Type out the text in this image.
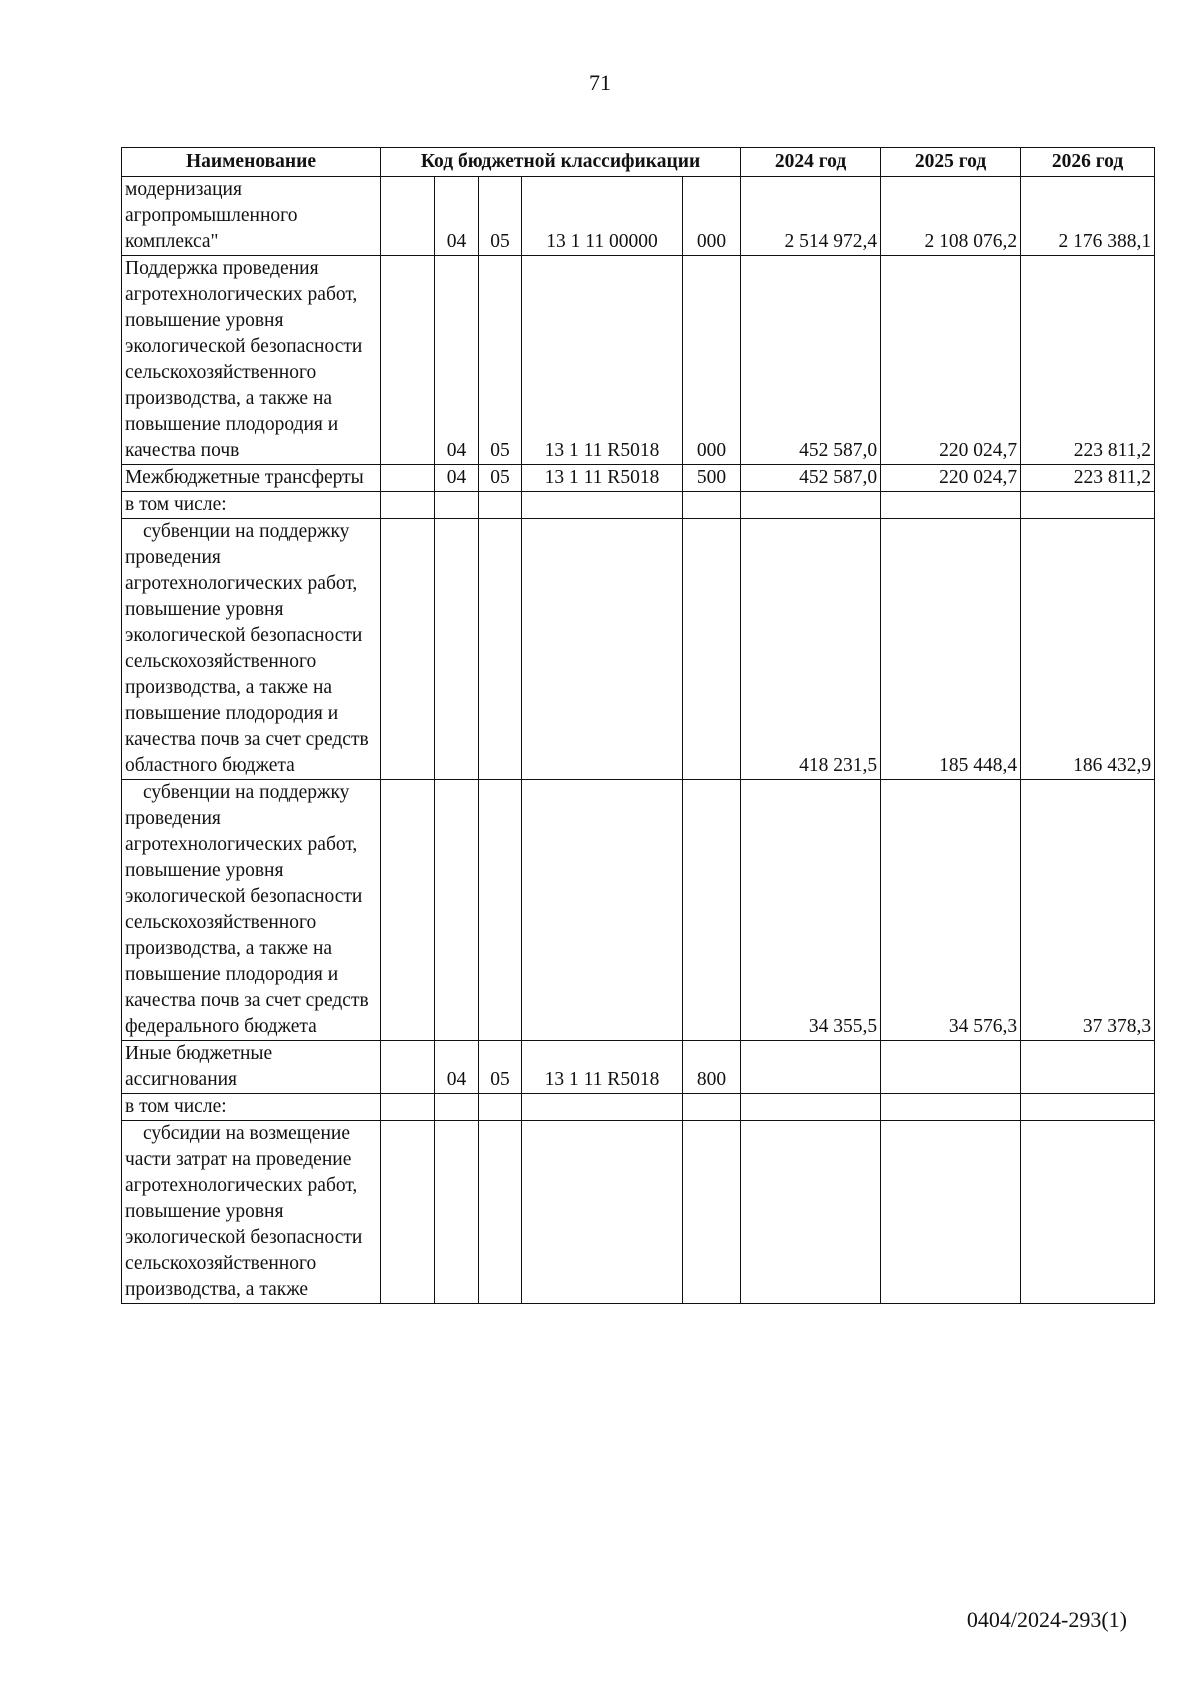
71
Наименование	Код бюджетной классификации					2024 год	2025 год	2026 год
модернизация агропромышленного комплекса"		04	05	13 1 11 00000	000	2 514 972,4	2 108 076,2	2 176 388,1
Поддержка проведения агротехнологических работ, повышение уровня экологической безопасности сельскохозяйственного производства, а также на повышение плодородия и качества почв		04	05	13 1 11 R5018	000	452 587,0	220 024,7	223 811,2
Межбюджетные трансферты		04	05	13 1 11 R5018	500	452 587,0	220 024,7	223 811,2
в том числе:								
субвенции на поддержку проведения агротехнологических работ, повышение уровня экологической безопасности сельскохозяйственного производства, а также на повышение плодородия и качества почв за счет средств областного бюджета						418 231,5	185 448,4	186 432,9
субвенции на поддержку проведения агротехнологических работ, повышение уровня экологической безопасности сельскохозяйственного производства, а также на повышение плодородия и качества почв за счет средств федерального бюджета						34 355,5	34 576,3	37 378,3
Иные бюджетные ассигнования		04	05	13 1 11 R5018	800			
в том числе:								
субсидии на возмещение части затрат на проведение агротехнологических работ, повышение уровня экологической безопасности сельскохозяйственного производства, а также								
0404/2024-293(1)
